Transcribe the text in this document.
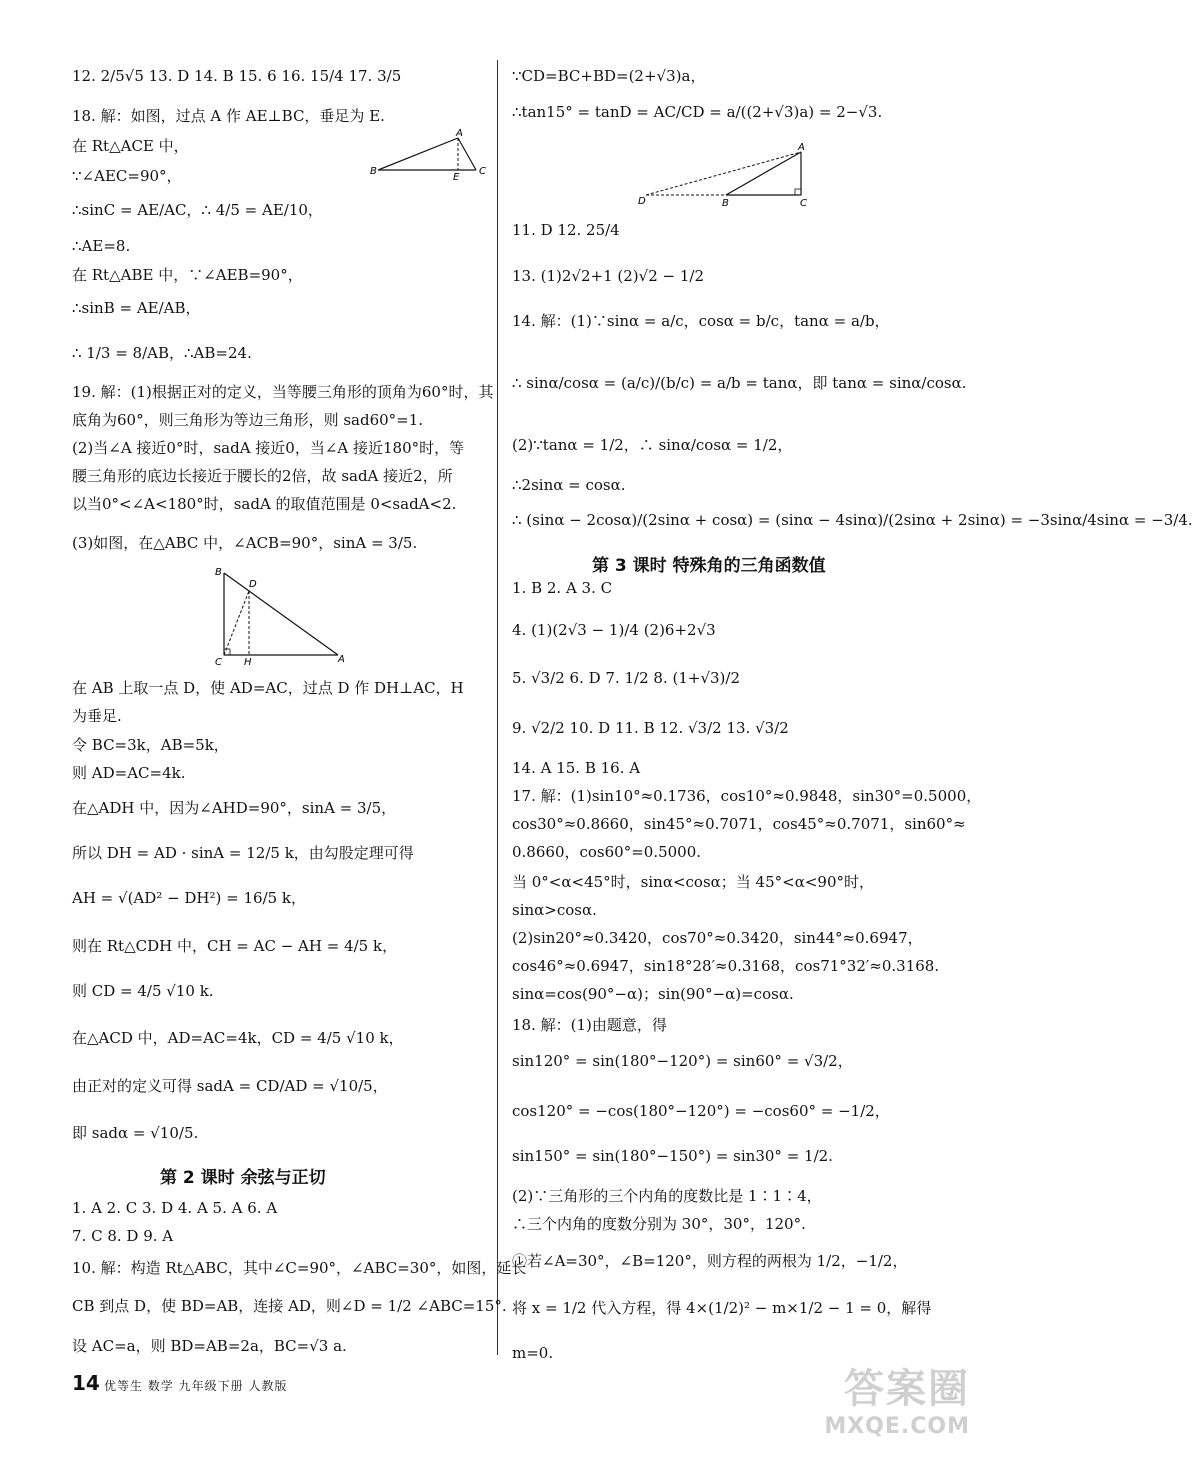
12. 2/5√5 13. D 14. B 15. 6 16. 15/4 17. 3/5
18. 解：如图，过点 A 作 AE⊥BC，垂足为 E.
在 Rt△ACE 中，
∵∠AEC=90°，
∴sinC = AE/AC，∴ 4/5 = AE/10，
∴AE=8.
在 Rt△ABE 中，∵∠AEB=90°，
∴sinB = AE/AB，
∴ 1/3 = 8/AB，∴AB=24.
19. 解：(1)根据正对的定义，当等腰三角形的顶角为60°时，其
底角为60°，则三角形为等边三角形，则 sad60°=1.
(2)当∠A 接近0°时，sadA 接近0，当∠A 接近180°时，等
腰三角形的底边长接近于腰长的2倍，故 sadA 接近2，所
以当0°<∠A<180°时，sadA 的取值范围是 0<sadA<2.
(3)如图，在△ABC 中，∠ACB=90°，sinA = 3/5.
在 AB 上取一点 D，使 AD=AC，过点 D 作 DH⊥AC，H
为垂足.
令 BC=3k，AB=5k，
则 AD=AC=4k.
在△ADH 中，因为∠AHD=90°，sinA = 3/5，
所以 DH = AD · sinA = 12/5 k，由勾股定理可得
AH = √(AD² − DH²) = 16/5 k，
则在 Rt△CDH 中，CH = AC − AH = 4/5 k，
则 CD = 4/5 √10 k.
在△ACD 中，AD=AC=4k，CD = 4/5 √10 k，
由正对的定义可得 sadA = CD/AD = √10/5，
即 sadα = √10/5.
1. A 2. C 3. D 4. A 5. A 6. A
7. C 8. D 9. A
10. 解：构造 Rt△ABC，其中∠C=90°，∠ABC=30°，如图，延长
CB 到点 D，使 BD=AB，连接 AD，则∠D = 1/2 ∠ABC=15°.
设 AC=a，则 BD=AB=2a，BC=√3 a.
第 2 课时 余弦与正切
∵CD=BC+BD=(2+√3)a，
∴tan15° = tanD = AC/CD = a/((2+√3)a) = 2−√3.
11. D 12. 25/4
13. (1)2√2+1 (2)√2 − 1/2
14. 解：(1)∵sinα = a/c，cosα = b/c，tanα = a/b，
∴ sinα/cosα = (a/c)/(b/c) = a/b = tanα，即 tanα = sinα/cosα.
(2)∵tanα = 1/2，∴ sinα/cosα = 1/2，
∴2sinα = cosα.
∴ (sinα − 2cosα)/(2sinα + cosα) = (sinα − 4sinα)/(2sinα + 2sinα) = −3sinα/4sinα = −3/4.
1. B 2. A 3. C
4. (1)(2√3 − 1)/4 (2)6+2√3
5. √3/2 6. D 7. 1/2 8. (1+√3)/2
9. √2/2 10. D 11. B 12. √3/2 13. √3/2
14. A 15. B 16. A
17. 解：(1)sin10°≈0.1736，cos10°≈0.9848，sin30°=0.5000，
cos30°≈0.8660，sin45°≈0.7071，cos45°≈0.7071，sin60°≈
0.8660，cos60°=0.5000.
当 0°<α<45°时，sinα<cosα；当 45°<α<90°时，
sinα>cosα.
(2)sin20°≈0.3420，cos70°≈0.3420，sin44°≈0.6947，
cos46°≈0.6947，sin18°28′≈0.3168，cos71°32′≈0.3168.
sinα=cos(90°−α)；sin(90°−α)=cosα.
18. 解：(1)由题意，得
sin120° = sin(180°−120°) = sin60° = √3/2，
cos120° = −cos(180°−120°) = −cos60° = −1/2，
sin150° = sin(180°−150°) = sin30° = 1/2.
(2)∵三角形的三个内角的度数比是 1∶1∶4，
∴三个内角的度数分别为 30°，30°，120°.
①若∠A=30°，∠B=120°，则方程的两根为 1/2，−1/2，
将 x = 1/2 代入方程，得 4×(1/2)² − m×1/2 − 1 = 0，解得
m=0.
第 3 课时 特殊角的三角函数值
A
B
E
C
B
D
C H	A
A
D	B	C
14 优等生 数学 九年级下册 人教版	答案圈
MXQE.COM
